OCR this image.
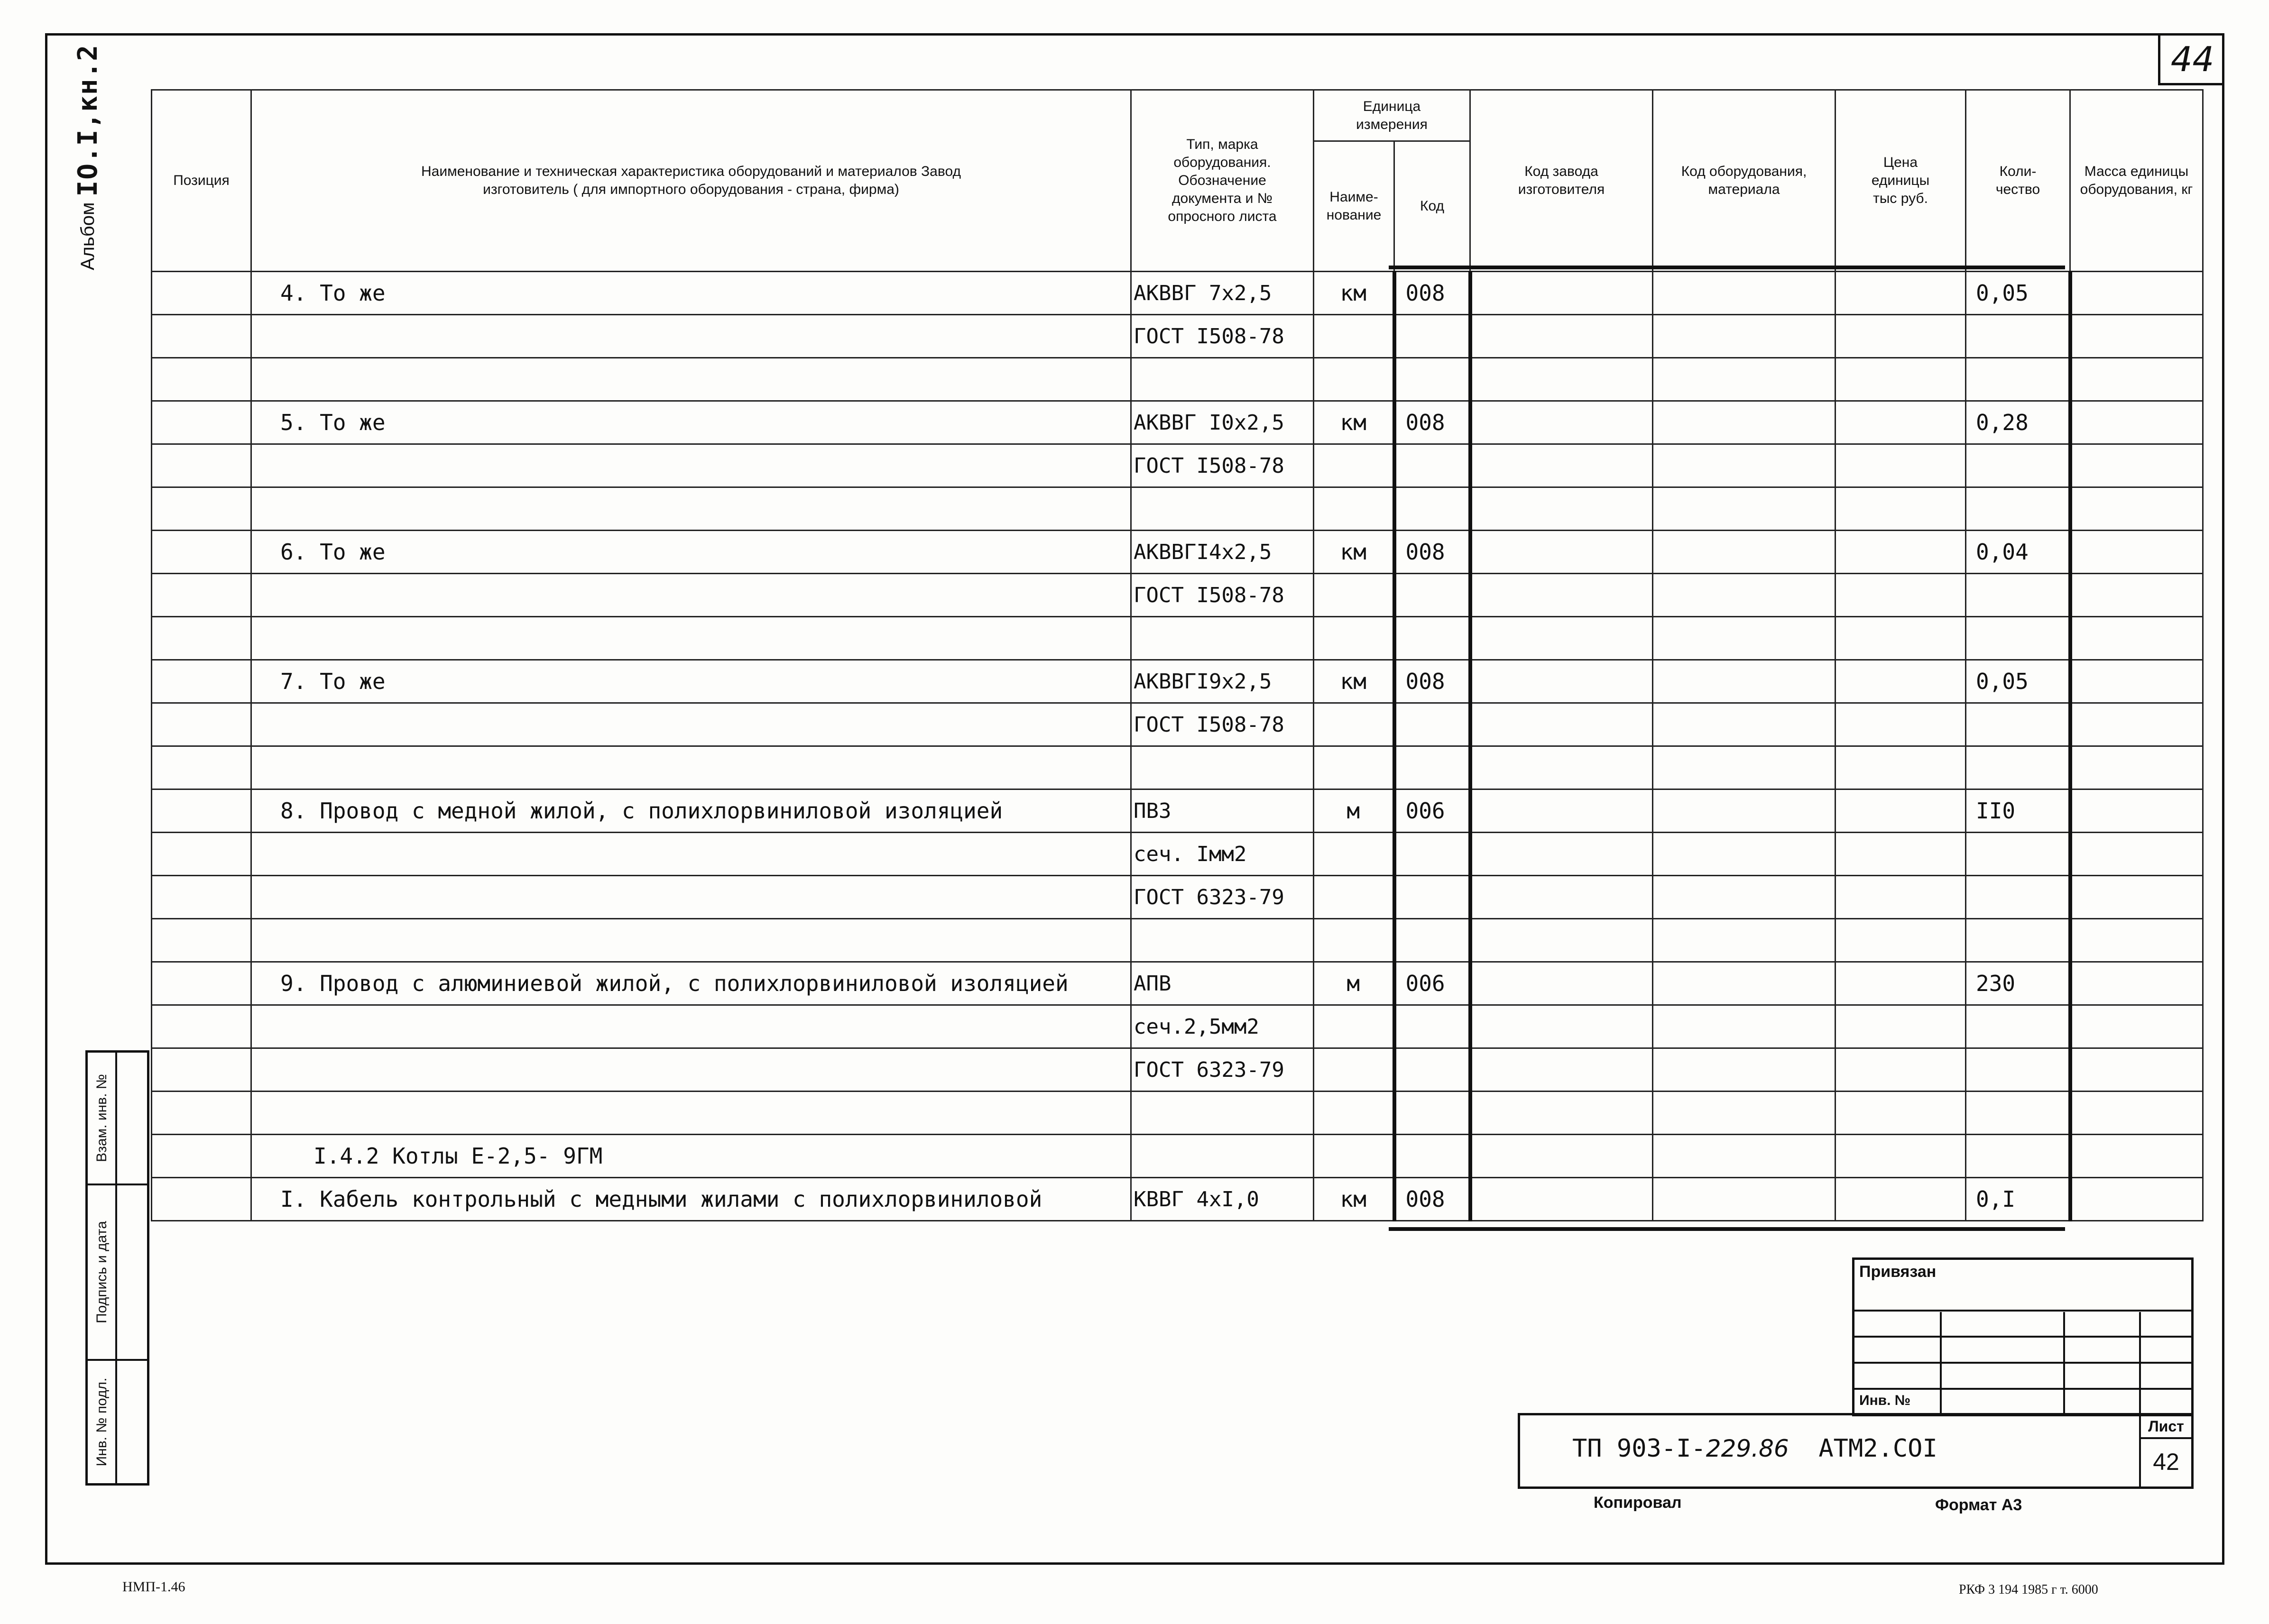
44
Альбом
IO.I,кн.2	Позиция	Наименование и техническая характеристика оборудований и материалов Завод изготовитель ( для импортного оборудования - страна, фирма)	Тип, марка оборудования. Обозначение документа и № опросного листа	Единица измерения		Код завода изготовителя	Код оборудования, материала	Цена единицы тыс руб.	Коли-чество	Масса единицы оборудования, кг
			Наиме-нование	Код					
	4. То же	АКВВГ 7х2,5	км	008				0,05	
		ГОСТ I508-78							

	5. То же	АКВВГ I0х2,5	км	008				0,28	
		ГОСТ I508-78							

	6. То же	АКВВГI4х2,5	км	008				0,04	
		ГОСТ I508-78							

	7. То же	АКВВГI9х2,5	км	008				0,05	
		ГОСТ I508-78							

	8. Провод с медной жилой, с полихлорвиниловой изоляцией	ПВЗ	м	006				II0	
		сеч. Iмм2							
		ГОСТ 6323-79							

	9. Провод с алюминиевой жилой, с полихлорвиниловой изоляцией	АПВ	м	006				230	
		сеч.2,5мм2							
		ГОСТ 6323-79							

	I.4.2 Котлы Е-2,5- 9ГМ								
	I. Кабель контрольный с медными жилами с полихлорвиниловой	КВВГ 4хI,0	км	008				0,I	
Взам. инв. №
Подпись и дата
Инв. № подл.
Привязан
Инв. №
ТП 903-I-229.86 АТМ2.COI
Лист
42
Копировал	Формат А3
НМП-1.46	РКФ 3 194 1985 г т. 6000
